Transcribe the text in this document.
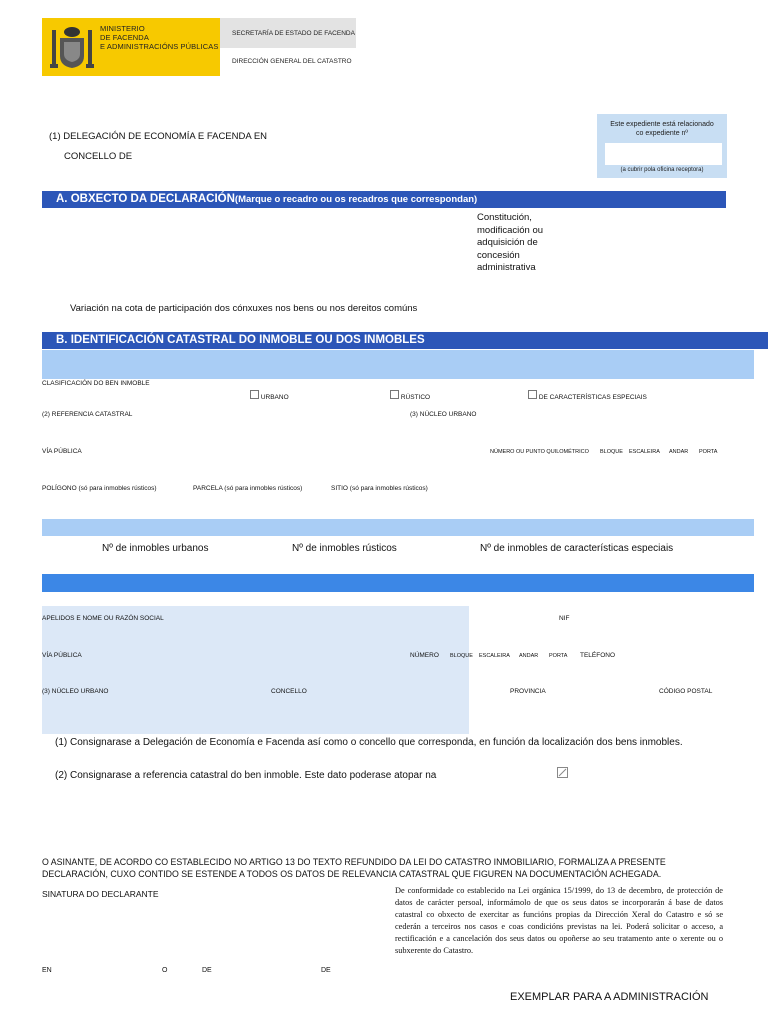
MINISTERIO
DE FACENDA
E ADMINISTRACIÓNS PÚBLICAS
SECRETARÍA DE ESTADO DE FACENDA
DIRECCIÓN GENERAL DEL CATASTRO
Este expediente está relacionado
co expediente nº
(a cubrir pola oficina receptora)
(1) DELEGACIÓN DE ECONOMÍA E FACENDA EN
CONCELLO DE
A. OBXECTO DA DECLARACIÓN(Marque o recadro ou os recadros que correspondan)
Constitución,
modificación ou
adquisición de
concesión
administrativa
Variación na cota de participación dos cónxuxes nos bens ou nos dereitos comúns
B. IDENTIFICACIÓN CATASTRAL DO INMOBLE OU DOS INMOBLES
CLASIFICACIÓN DO BEN INMOBLE
URBANO	RÚSTICO	DE CARACTERÍSTICAS ESPECIAIS
(2) REFERENCIA CATASTRAL	(3) NÚCLEO URBANO
VÍA PÚBLICA	NÚMERO OU PUNTO QUILOMÉTRICO BLOQUE ESCALEIRA ANDAR PORTA
POLÍGONO (só para inmobles rústicos)	PARCELA (só para inmobles rústicos)	SITIO (só para inmobles rústicos)
Nº de inmobles urbanos	Nº de inmobles rústicos	Nº de inmobles de características especiais
APELIDOS E NOME OU RAZÓN SOCIAL	NIF
VÍA PÚBLICA	NÚMERO BLOQUE ESCALEIRA ANDAR PORTA TELÉFONO
(3) NÚCLEO URBANO	CONCELLO	PROVINCIA	CÓDIGO POSTAL
(1) Consignarase a Delegación de Economía e Facenda así como o concello que corresponda, en función da localización dos bens inmobles.
(2) Consignarase a referencia catastral do ben inmoble. Este dato poderase atopar na
O ASINANTE, DE ACORDO CO ESTABLECIDO NO ARTIGO 13 DO TEXTO REFUNDIDO DA LEI DO CATASTRO INMOBILIARIO, FORMALIZA A PRESENTE DECLARACIÓN, CUXO CONTIDO SE ESTENDE A TODOS OS DATOS DE RELEVANCIA CATASTRAL QUE FIGUREN NA DOCUMENTACIÓN ACHEGADA.
SINATURA DO DECLARANTE	De conformidade co establecido na Lei orgánica 15/1999, do 13 de decembro, de protección de datos de carácter persoal, informámolo de que os seus datos se incorporarán á base de datos catastral co obxecto de exercitar as funcións propias da Dirección Xeral do Catastro e só se cederán a terceiros nos casos e coas condicións previstas na lei. Poderá solicitar o acceso, a rectificación e a cancelación dos seus datos ou opoñerse ao seu tratamento ante o xerente ou o subxerente do Catastro.
EN	O	DE	DE
EXEMPLAR PARA A ADMINISTRACIÓN
